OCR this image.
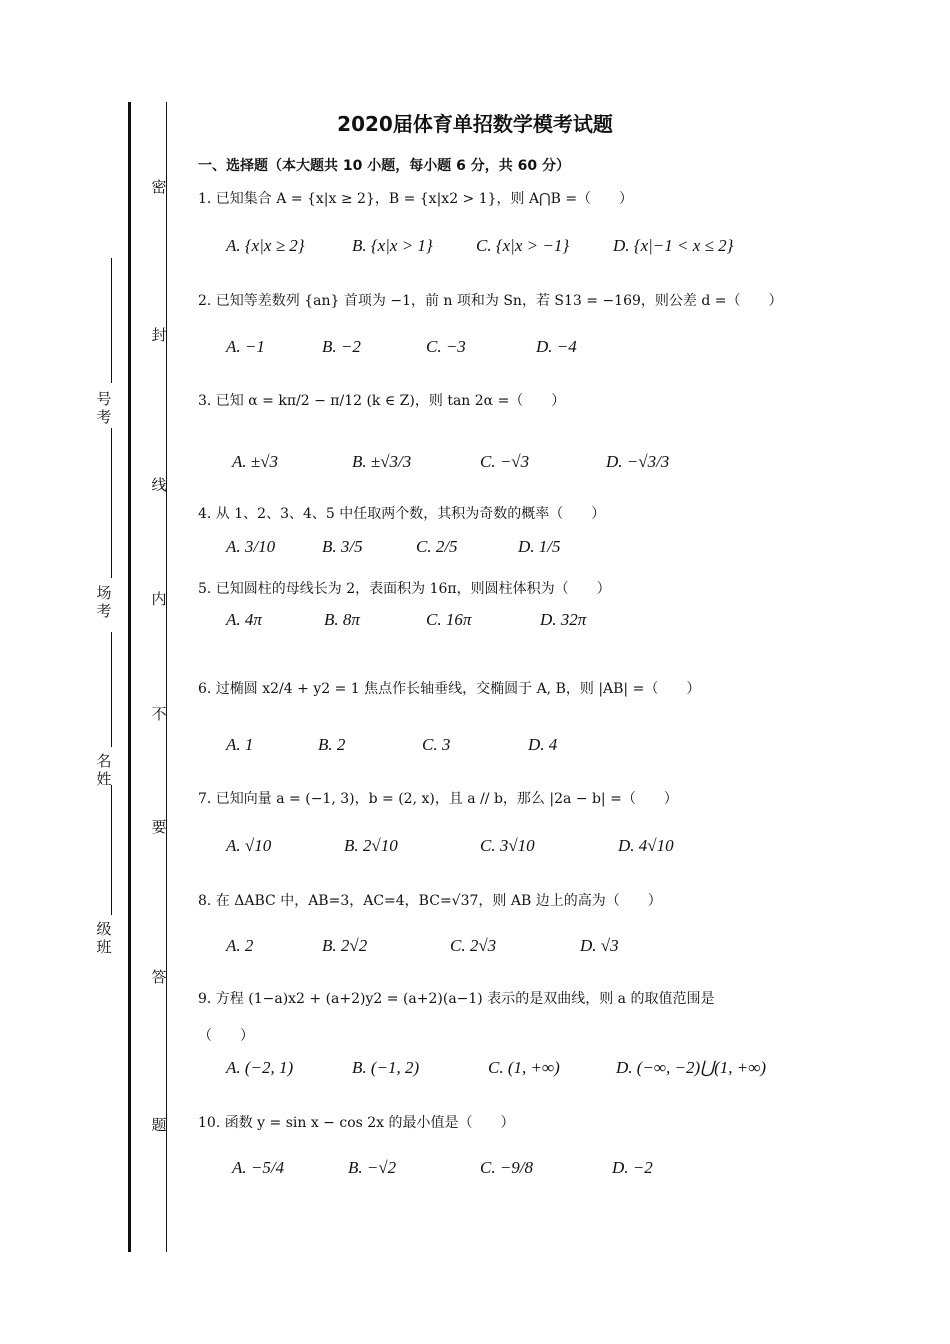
密
封
线
内
不
要
答
题
号考
场考
名姓
级班
2020届体育单招数学模考试题
一、选择题（本大题共 10 小题，每小题 6 分，共 60 分）
1. 已知集合 A = {x|x ≥ 2}，B = {x|x2 > 1}，则 A⋂B =（　　）
A. {x|x ≥ 2}	B. {x|x > 1}	C. {x|x > −1}	D. {x|−1 < x ≤ 2}
2. 已知等差数列 {an} 首项为 −1，前 n 项和为 Sn，若 S13 = −169，则公差 d =（　　）
A. −1	B. −2	C. −3	D. −4
3. 已知 α = kπ/2 − π/12 (k ∈ Z)，则 tan 2α =（　　）
A. ±√3	B. ±√3/3	C. −√3	D. −√3/3
4. 从 1、2、3、4、5 中任取两个数，其积为奇数的概率（　　）
A. 3/10	B. 3/5	C. 2/5	D. 1/5
5. 已知圆柱的母线长为 2，表面积为 16π，则圆柱体积为（　　）
A. 4π	B. 8π	C. 16π	D. 32π
6. 过椭圆 x2/4 + y2 = 1 焦点作长轴垂线，交椭圆于 A, B，则 |AB| =（　　）
A. 1	B. 2	C. 3	D. 4
7. 已知向量 a = (−1, 3)，b = (2, x)，且 a // b，那么 |2a − b| =（　　）
A. √10	B. 2√10	C. 3√10	D. 4√10
8. 在 ΔABC 中，AB=3，AC=4，BC=√37，则 AB 边上的高为（　　）
A. 2	B. 2√2	C. 2√3	D. √3
9. 方程 (1−a)x2 + (a+2)y2 = (a+2)(a−1) 表示的是双曲线，则 a 的取值范围是
（　　）
A. (−2, 1)	B. (−1, 2)	C. (1, +∞)	D. (−∞, −2)⋃(1, +∞)
10. 函数 y = sin x − cos 2x 的最小值是（　　）
A. −5/4	B. −√2	C. −9/8	D. −2
